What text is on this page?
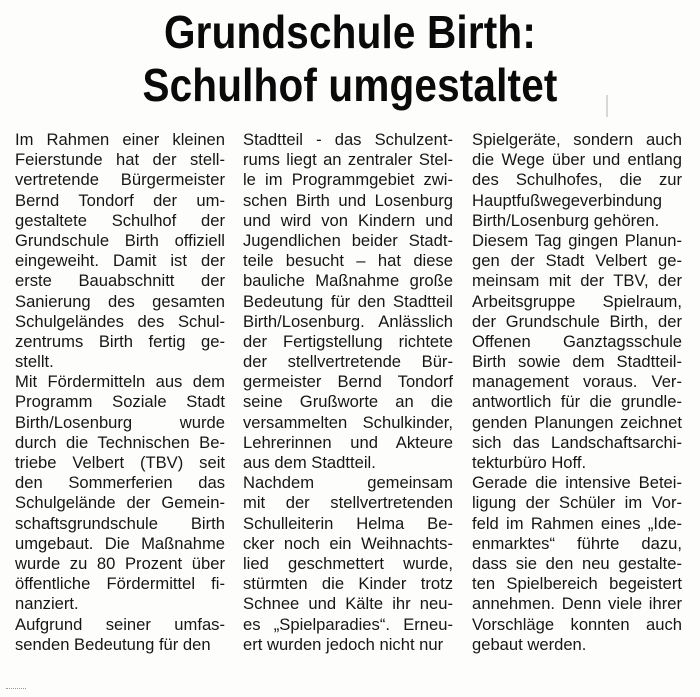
Grundschule Birth:
Schulhof umgestaltet
Im Rahmen einer kleinen
Feierstunde hat der stell-
vertretende Bürgermeister
Bernd Tondorf der um-
gestaltete Schulhof der
Grundschule Birth offiziell
eingeweiht. Damit ist der
erste Bauabschnitt der
Sanierung des gesamten
Schulgeländes des Schul-
zentrums Birth fertig ge-
stellt.
Mit Fördermitteln aus dem
Programm Soziale Stadt
Birth/Losenburg wurde
durch die Technischen Be-
triebe Velbert (TBV) seit
den Sommerferien das
Schulgelände der Gemein-
schaftsgrundschule Birth
umgebaut. Die Maßnahme
wurde zu 80 Prozent über
öffentliche Fördermittel fi-
nanziert.
Aufgrund seiner umfas-
senden Bedeutung für den
Stadtteil - das Schulzent-
rums liegt an zentraler Stel-
le im Programmgebiet zwi-
schen Birth und Losenburg
und wird von Kindern und
Jugendlichen beider Stadt-
teile besucht – hat diese
bauliche Maßnahme große
Bedeutung für den Stadtteil
Birth/Losenburg. Anlässlich
der Fertigstellung richtete
der stellvertretende Bür-
germeister Bernd Tondorf
seine Grußworte an die
versammelten Schulkinder,
Lehrerinnen und Akteure
aus dem Stadtteil.
Nachdem gemeinsam
mit der stellvertretenden
Schulleiterin Helma Be-
cker noch ein Weihnachts-
lied geschmettert wurde,
stürmten die Kinder trotz
Schnee und Kälte ihr neu-
es „Spielparadies“. Erneu-
ert wurden jedoch nicht nur
Spielgeräte, sondern auch
die Wege über und entlang
des Schulhofes, die zur
Hauptfußwegeverbindung
Birth/Losenburg gehören.
Diesem Tag gingen Planun-
gen der Stadt Velbert ge-
meinsam mit der TBV, der
Arbeitsgruppe Spielraum,
der Grundschule Birth, der
Offenen Ganztagsschule
Birth sowie dem Stadtteil-
management voraus. Ver-
antwortlich für die grundle-
genden Planungen zeichnet
sich das Landschaftsarchi-
tekturbüro Hoff.
Gerade die intensive Betei-
ligung der Schüler im Vor-
feld im Rahmen eines „Ide-
enmarktes“ führte dazu,
dass sie den neu gestalte-
ten Spielbereich begeistert
annehmen. Denn viele ihrer
Vorschläge konnten auch
gebaut werden.
